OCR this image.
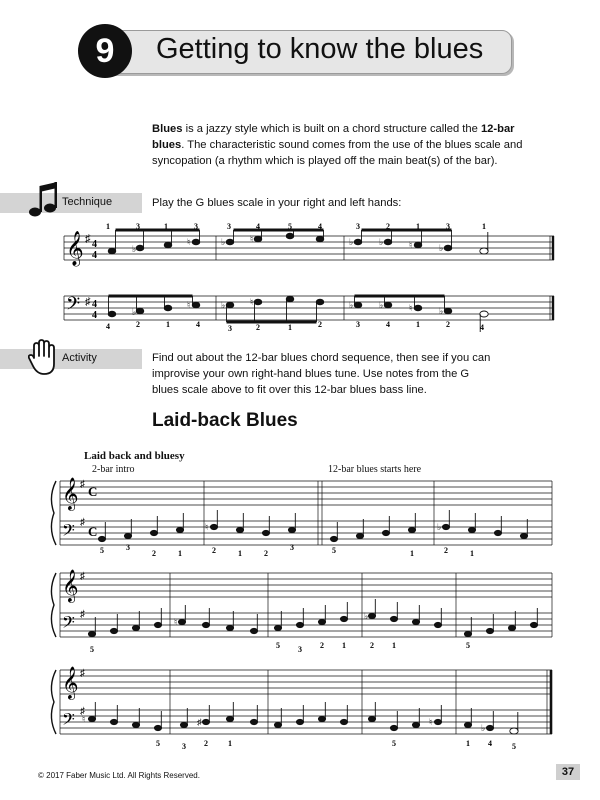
9	Getting to know the blues
Blues is a jazzy style which is built on a chord structure called the 12-bar blues. The characteristic sound comes from the use of the blues scale and syncopation (a rhythm which is played off the main beat(s) of the bar).
Technique	Play the G blues scale in your right and left hands:
Activity	Find out about the 12-bar blues chord sequence, then see if you can improvise your own right-hand blues tune. Use notes from the G blues scale above to fit over this 12-bar blues bass line.
Laid-back Blues
Laid back and bluesy
2-bar intro	12-bar blues starts here
𝄞 ♯ 4
4
♭
♮	♭	♮	♭	♭	♮	♭
1	3	1	3	3	4	5	4	3	2	1	3	1
𝄢 ♯ 4
4	♭
♮	♭	♮	♭	♭	♮	♭
4	2	1	4	3	2	1	2	3	4	1	2	4
𝄞
𝄢
♯
♯
C
C	♮	♭
5	3
2	1	2	1	2
3	5	1	2	1
𝄞
𝄢
♯
♯
♮
♭
5	5 3 2 1	2 1	5
𝄞
𝄢
♯
♯
♮	♯	♮
♭
5	3 2	1	5	1 4	5
© 2017 Faber Music Ltd. All Rights Reserved.	37
